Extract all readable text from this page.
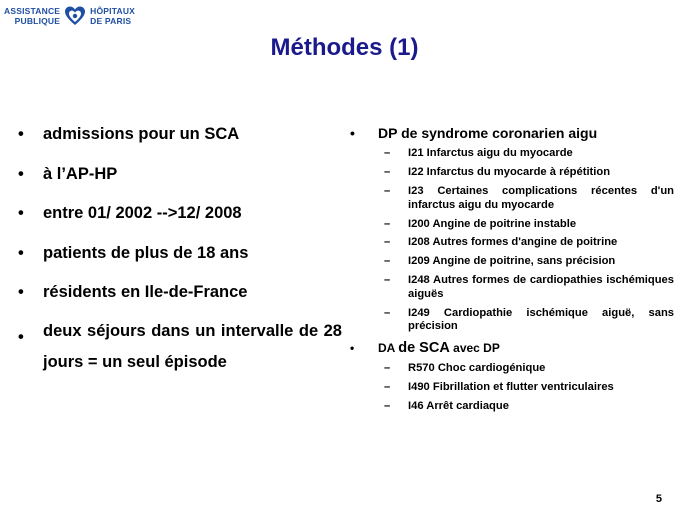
ASSISTANCE
PUBLIQUE
HÔPITAUX
DE PARIS
Méthodes (1)
• admissions pour un SCA
• à l’AP-HP
• entre 01/ 2002 -->12/ 2008
• patients de plus de 18 ans
• résidents en Ile-de-France
• deux séjours dans un intervalle de 28 jours = un seul épisode
• DP de syndrome coronarien aigu
– I21 Infarctus aigu du myocarde
– I22 Infarctus du myocarde à répétition
– I23 Certaines complications récentes d'un infarctus aigu du myocarde
– I200 Angine de poitrine instable
– I208 Autres formes d'angine de poitrine
– I209 Angine de poitrine, sans précision
– I248 Autres formes de cardiopathies ischémiques aiguës
– I249 Cardiopathie ischémique aiguë, sans précision
• DA de SCA avec DP
– R570 Choc cardiogénique
– I490 Fibrillation et flutter ventriculaires
– I46 Arrêt cardiaque
5
